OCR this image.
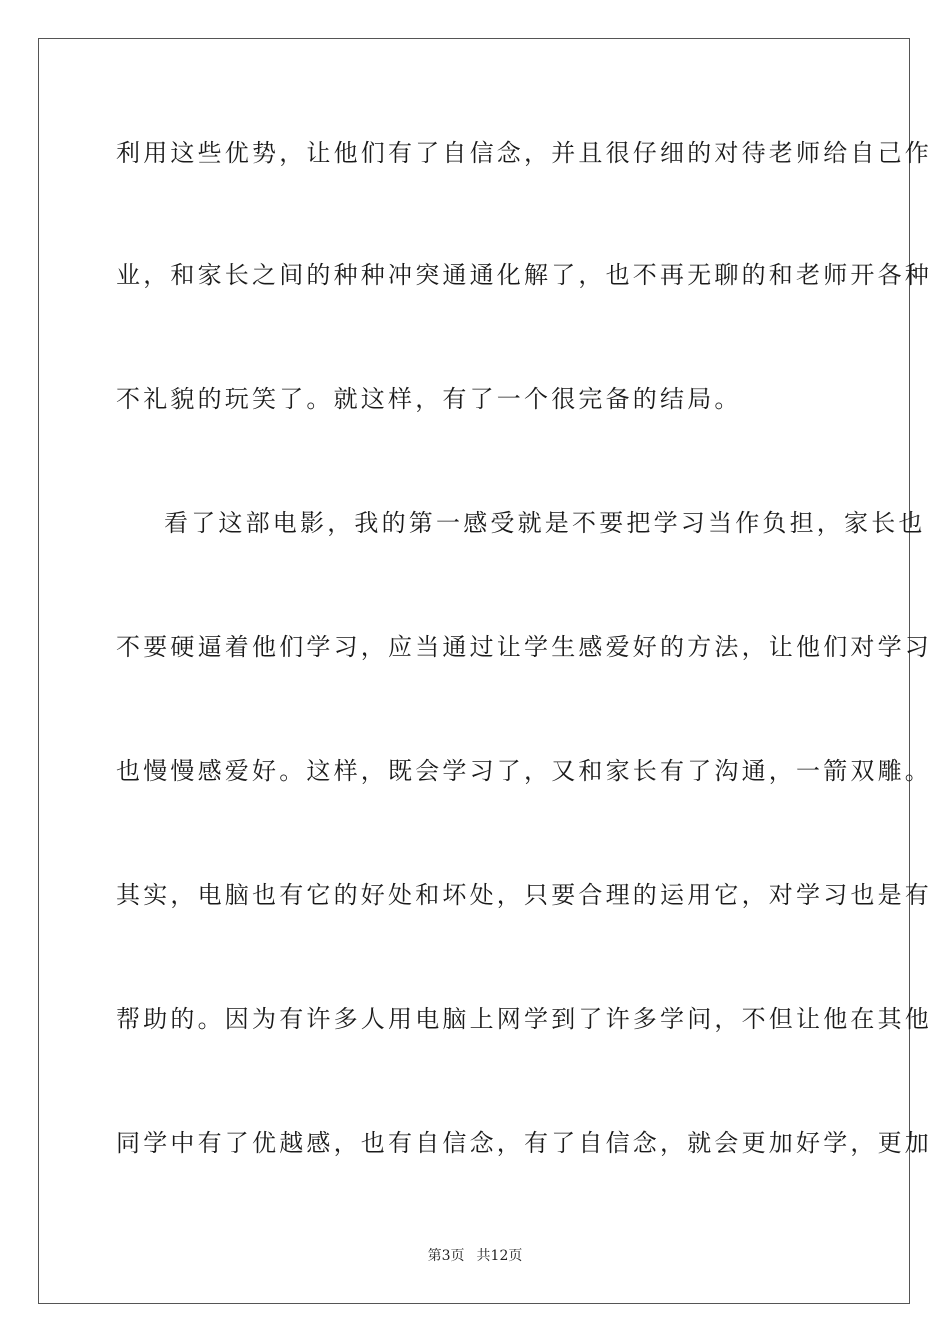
利用这些优势，让他们有了自信念，并且很仔细的对待老师给自己作
业，和家长之间的种种冲突通通化解了，也不再无聊的和老师开各种
不礼貌的玩笑了。就这样，有了一个很完备的结局。
看了这部电影，我的第一感受就是不要把学习当作负担，家长也
不要硬逼着他们学习，应当通过让学生感爱好的方法，让他们对学习
也慢慢感爱好。这样，既会学习了，又和家长有了沟通，一箭双雕。
其实，电脑也有它的好处和坏处，只要合理的运用它，对学习也是有
帮助的。因为有许多人用电脑上网学到了许多学问，不但让他在其他
同学中有了优越感，也有自信念，有了自信念，就会更加好学，更加
第3页 共12页
